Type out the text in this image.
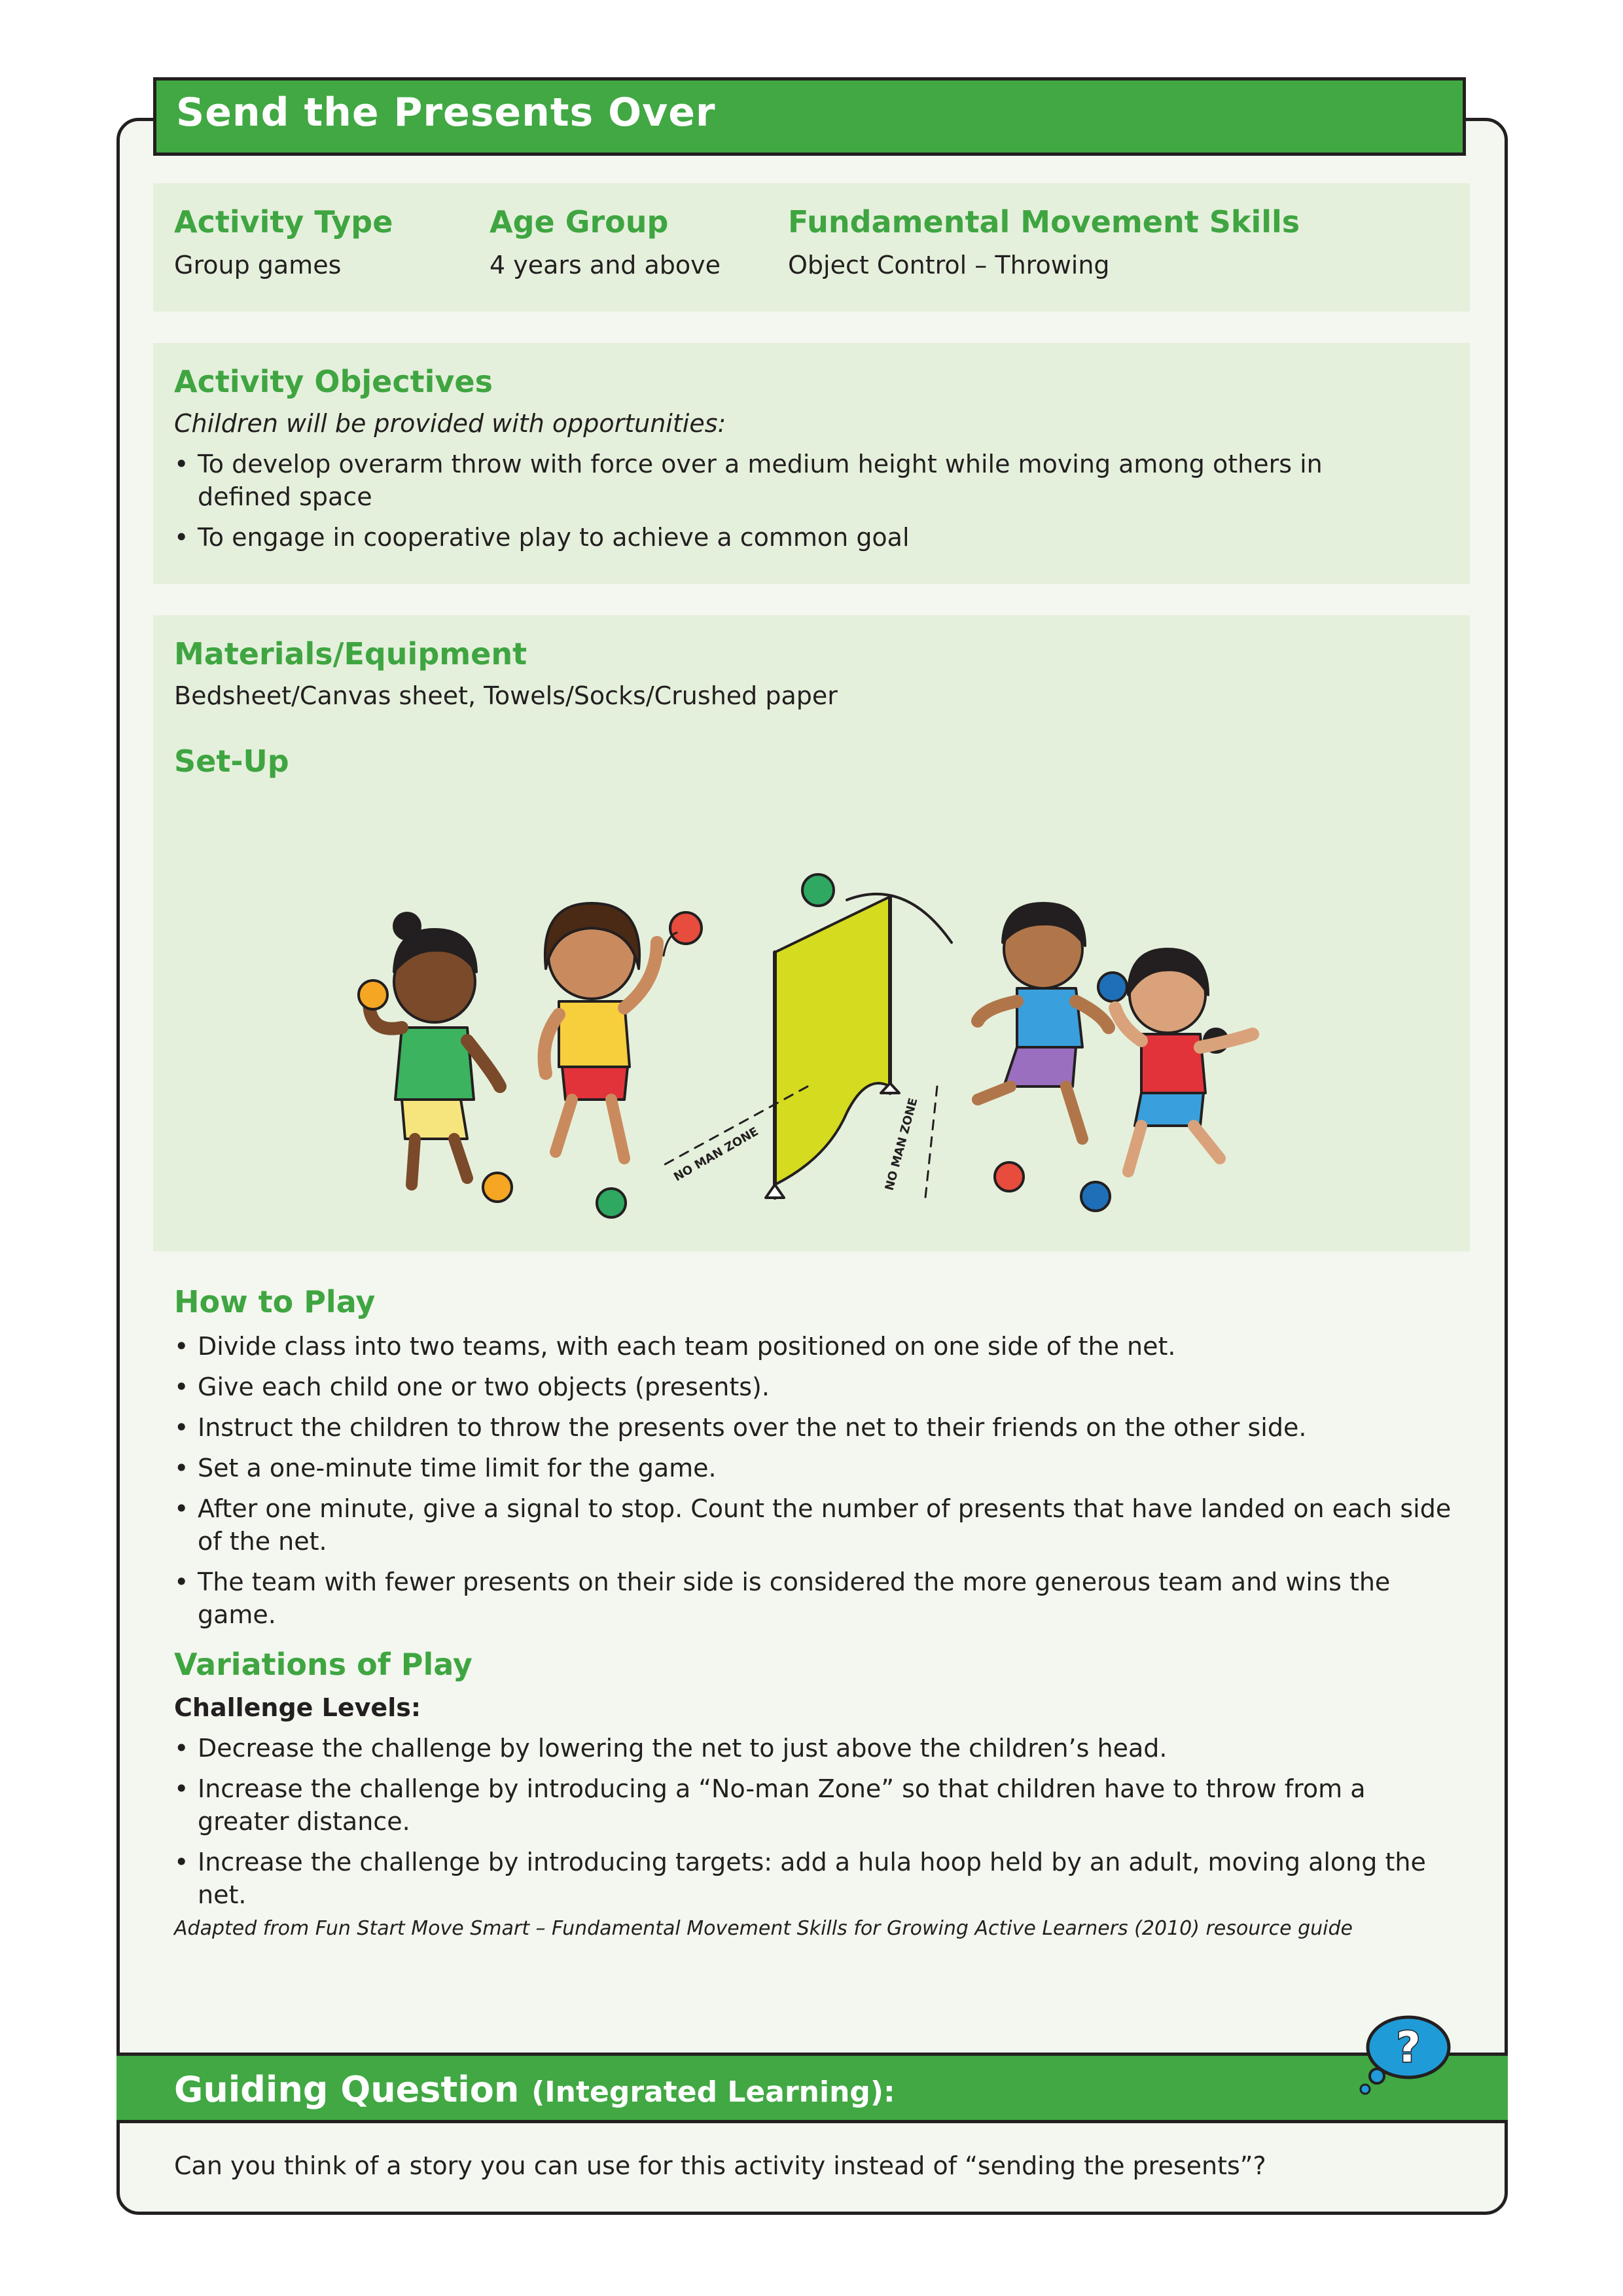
Send the Presents Over

Activity Type

Group games

Age Group

4 years and above

Fundamental Movement Skills

Object Control – Throwing

Activity Objectives

Children will be provided with opportunities:

• To develop overarm throw with force over a medium height while moving among others in defined space
• To engage in cooperative play to achieve a common goal

Materials/Equipment

Bedsheet/Canvas sheet, Towels/Socks/Crushed paper

Set-Up

NO MAN ZONE	NO MAN ZONE

How to Play

• Divide class into two teams, with each team positioned on one side of the net.
• Give each child one or two objects (presents).
• Instruct the children to throw the presents over the net to their friends on the other side.
• Set a one-minute time limit for the game.
• After one minute, give a signal to stop. Count the number of presents that have landed on each side of the net.
• The team with fewer presents on their side is considered the more generous team and wins the game.

Variations of Play

Challenge Levels:

• Decrease the challenge by lowering the net to just above the children’s head.
• Increase the challenge by introducing a “No-man Zone” so that children have to throw from a greater distance.
• Increase the challenge by introducing targets: add a hula hoop held by an adult, moving along the net.

Adapted from Fun Start Move Smart – Fundamental Movement Skills for Growing Active Learners (2010) resource guide

Guiding Question (Integrated Learning):
?

Can you think of a story you can use for this activity instead of “sending the presents”?
